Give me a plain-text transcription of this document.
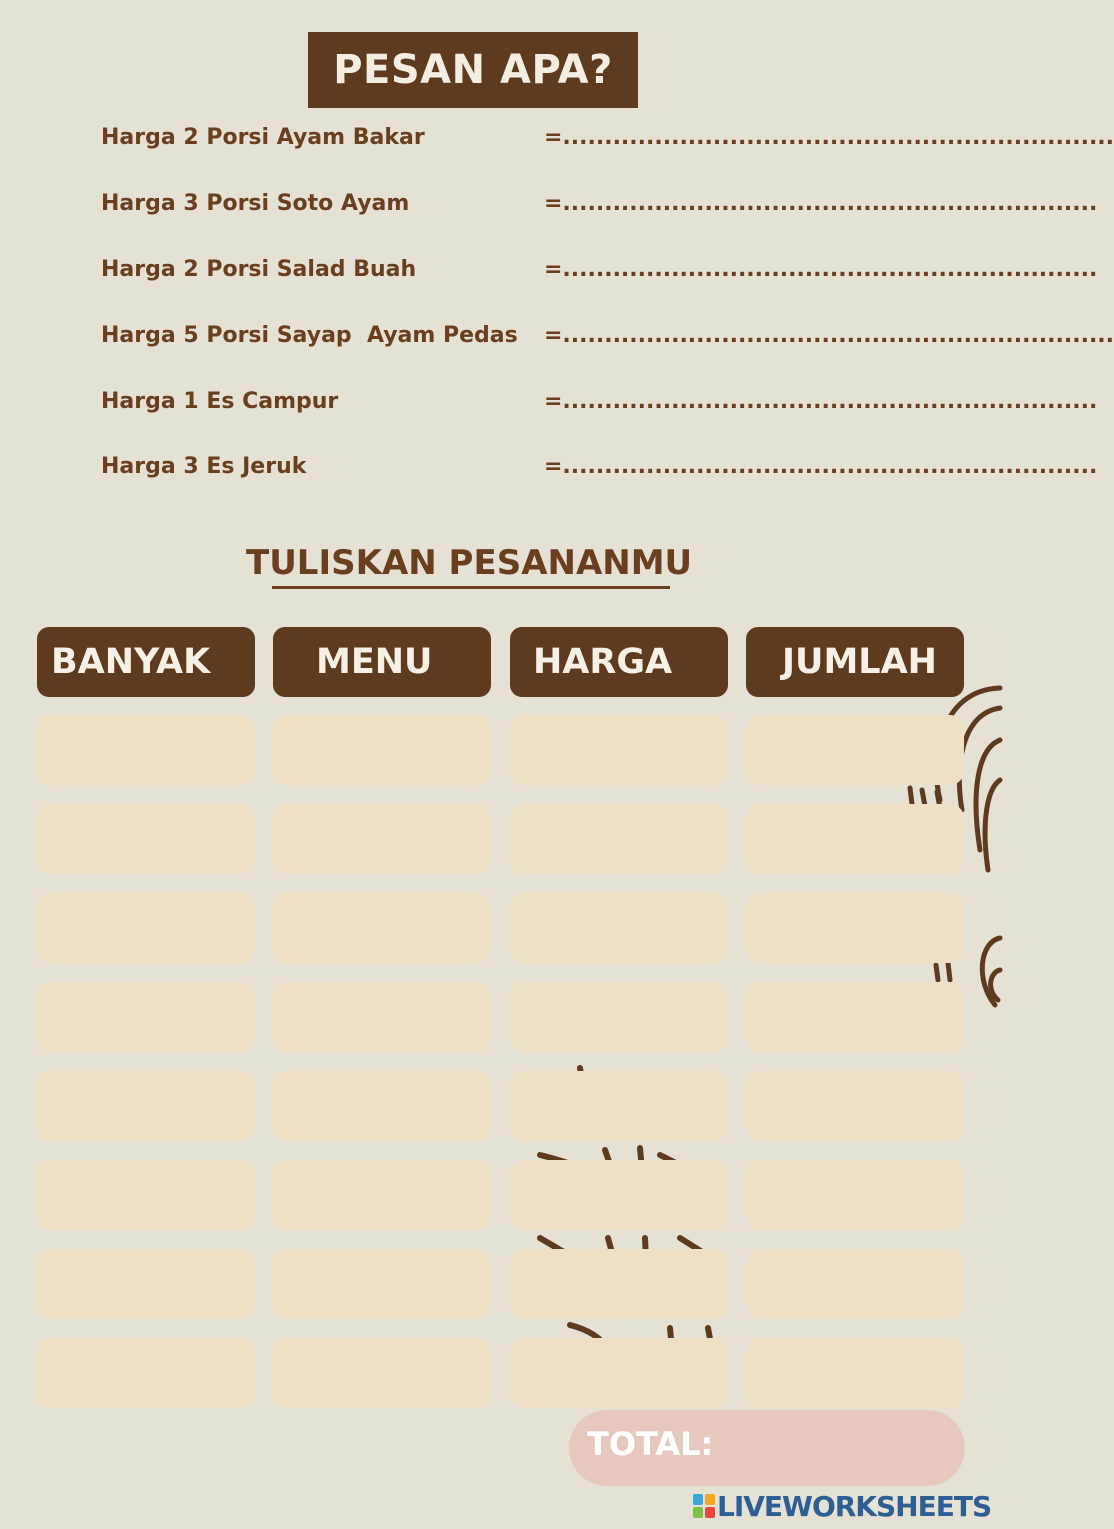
PESAN APA?
Harga 2 Porsi Ayam Bakar	=..................................................................
Harga 3 Porsi Soto Ayam	=................................................................
Harga 2 Porsi Salad Buah	=................................................................
Harga 5 Porsi Sayap  Ayam Pedas =..................................................................
Harga 1 Es Campur	=................................................................
Harga 3 Es Jeruk	=................................................................
TULISKAN PESANANMU
BANYAK	MENU	HARGA	JUMLAH
TOTAL:
LIVEWORKSHEETS
